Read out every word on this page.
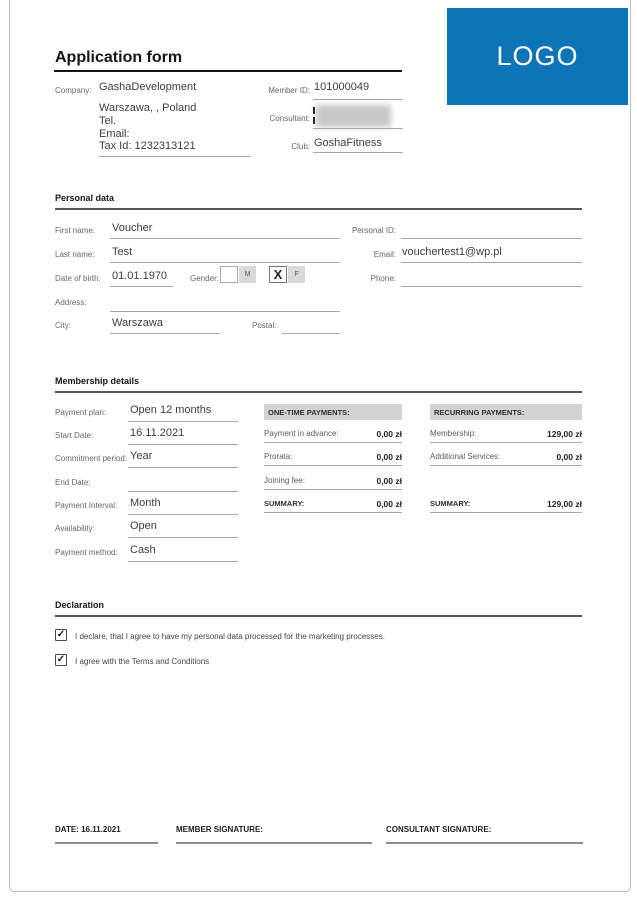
LOGO
Application form
Company: GashaDevelopment
Warszawa, , Poland
Tel.
Email:
Tax Id: 1232313121
Member ID: 101000049
Consultant:
Club: GoshaFitness
Personal data
First name: Voucher	Personal ID:
Last name: Test	Email: vouchertest1@wp.pl
Date of birth: 01.01.1970	Gender:	M	X	F	Phone:
Address:
City:	Warszawa	Postal:
Membership details
Payment plan: Open 12 months
Start Date:	16.11.2021
Commitment period: Year
End Date:
Payment Interval: Month
Availability:	Open
Payment method: Cash
ONE-TIME PAYMENTS:
Payment in advance:	0,00 zł
Prorata:	0,00 zł
Joining fee:	0,00 zł
SUMMARY:	0,00 zł
RECURRING PAYMENTS:
Membership:	129,00 zł
Additional Services:	0,00 zł
SUMMARY:	129,00 zł
Declaration
✓ I declare, that I agree to have my personal data processed for the marketing processes.
✓ I agree with the Terms and Conditions
DATE: 16.11.2021	MEMBER SIGNATURE:	CONSULTANT SIGNATURE:
